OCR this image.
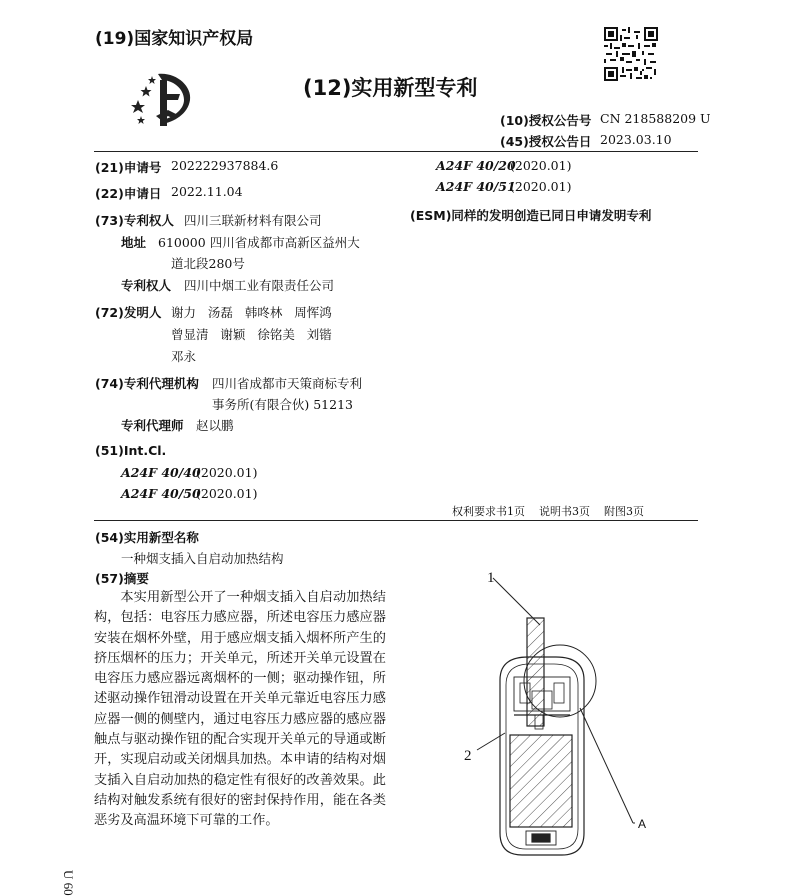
(19)国家知识产权局
(12)实用新型专利
(10)授权公告号 CN 218588209 U
(45)授权公告日 2023.03.10
(21)申请号 202222937884.6
(22)申请日 2022.11.04
(73)专利权人 四川三联新材料有限公司
地址 610000 四川省成都市高新区益州大
道北段280号
专利权人 四川中烟工业有限责任公司
(72)发明人 谢力   汤磊   韩咚林   周恽鸿
曾显清   谢颖   徐铭美   刘锴
邓永
(74)专利代理机构 四川省成都市天策商标专利
事务所(有限合伙) 51213
专利代理师 赵以鹏
(51)Int.Cl.
A24F 40/40
(2020.01)
A24F 40/50
(2020.01)
A24F 40/20
(2020.01)
A24F 40/51
(2020.01)
(ESM)同样的发明创造已同日申请发明专利
权利要求书1页    说明书3页    附图3页
(54)实用新型名称
一种烟支插入自启动加热结构
(57)摘要

本实用新型公开了一种烟支插入自启动加热结构，包括：电容压力感应器，所述电容压力感应器安装在烟杯外壁，用于感应烟支插入烟杯所产生的挤压烟杯的压力；开关单元，所述开关单元设置在电容压力感应器远离烟杯的一侧；驱动操作钮，所述驱动操作钮滑动设置在开关单元靠近电容压力感应器一侧的侧壁内，通过电容压力感应器的感应器触点与驱动操作钮的配合实现开关单元的导通或断开，实现启动或关闭烟具加热。本申请的结构对烟支插入自启动加热的稳定性有很好的改善效果。此结构对触发系统有很好的密封保持作用，能在各类恶劣及高温环境下可靠的工作。

1
2
A
U 60
